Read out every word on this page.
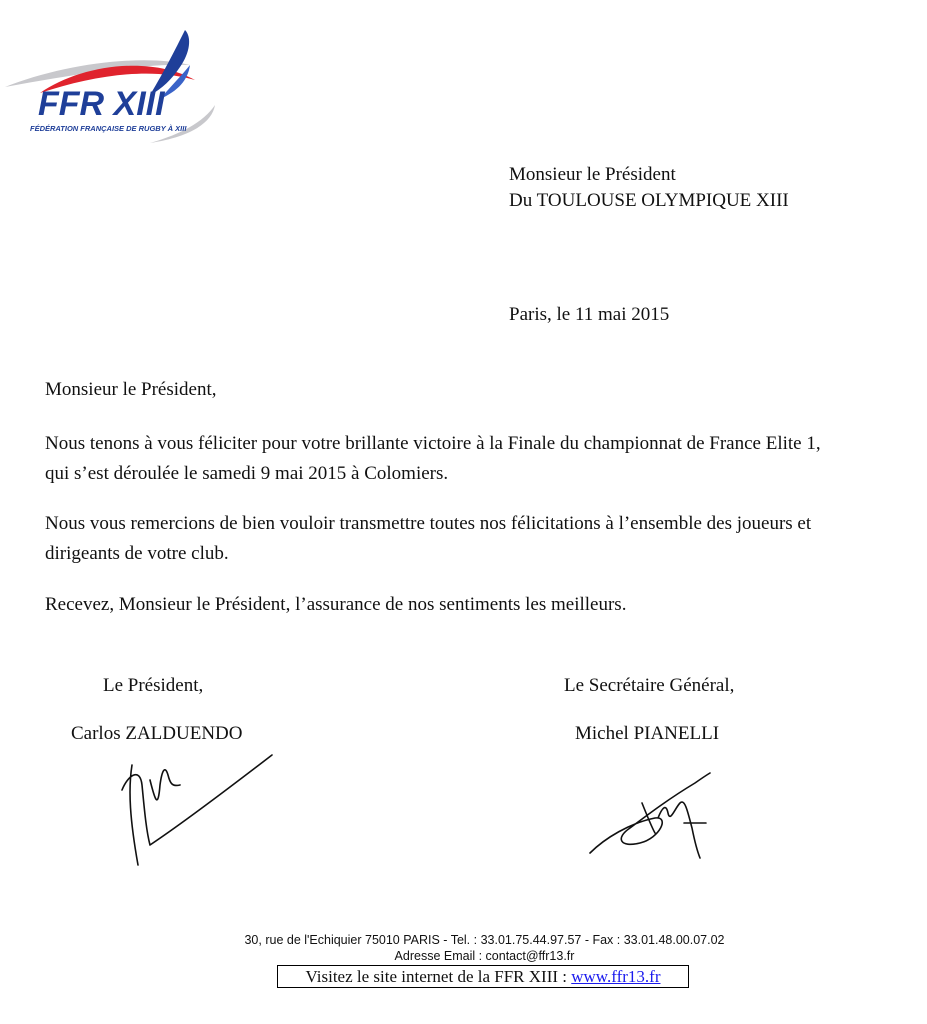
FFR XIII
FÉDÉRATION FRANÇAISE DE RUGBY À XIII
Monsieur le Président
Du TOULOUSE OLYMPIQUE XIII
Paris, le 11 mai 2015
Monsieur le Président,
Nous tenons à vous féliciter pour votre brillante victoire à la Finale du championnat de France Elite 1,
qui s’est déroulée le samedi 9 mai 2015 à Colomiers.
Nous vous remercions de bien vouloir transmettre toutes nos félicitations à l’ensemble des joueurs et
dirigeants de votre club.
Recevez, Monsieur le Président, l’assurance de nos sentiments les meilleurs.
Le Président,
Carlos ZALDUENDO
Le Secrétaire Général,
Michel PIANELLI
30, rue de l'Echiquier 75010 PARIS - Tel. : 33.01.75.44.97.57 - Fax : 33.01.48.00.07.02
Adresse Email : contact@ffr13.fr
Visitez le site internet de la FFR XIII : www.ffr13.fr
